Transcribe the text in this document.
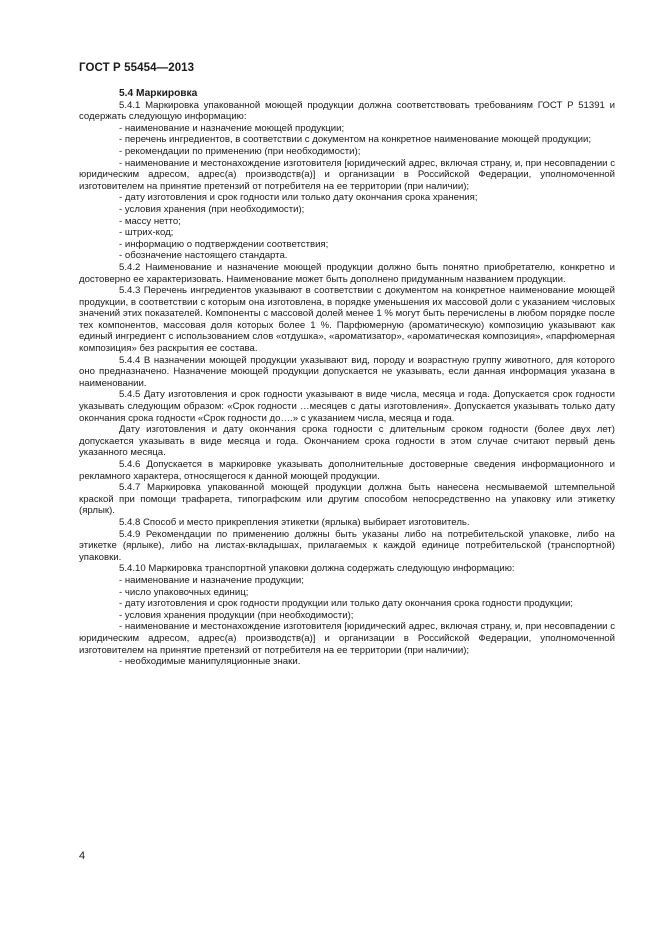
ГОСТ Р 55454—2013

5.4 Маркировка

5.4.1 Маркировка упакованной моющей продукции должна соответствовать требованиям ГОСТ Р 51391 и содержать следующую информацию:

- наименование и назначение моющей продукции;

- перечень ингредиентов, в соответствии с документом на конкретное наименование моющей продукции;

- рекомендации по применению (при необходимости);

- наименование и местонахождение изготовителя [юридический адрес, включая страну, и, при несовпадении с юридическим адресом, адрес(а) производств(а)] и организации в Российской Федерации, уполномоченной изготовителем на принятие претензий от потребителя на ее территории (при наличии);

- дату изготовления и срок годности или только дату окончания срока хранения;

- условия хранения (при необходимости);

- массу нетто;

- штрих-код;

- информацию о подтверждении соответствия;

- обозначение настоящего стандарта.

5.4.2 Наименование и назначение моющей продукции должно быть понятно приобретателю, конкретно и достоверно ее характеризовать. Наименование может быть дополнено придуманным названием продукции.

5.4.3 Перечень ингредиентов указывают в соответствии с документом на конкретное наименование моющей продукции, в соответствии с которым она изготовлена, в порядке уменьшения их массовой доли с указанием числовых значений этих показателей. Компоненты с массовой долей менее 1 % могут быть перечислены в любом порядке после тех компонентов, массовая доля которых более 1 %. Парфюмерную (ароматическую) композицию указывают как единый ингредиент с использованием слов «отдушка», «ароматизатор», «ароматическая композиция», «парфюмерная композиция» без раскрытия ее состава.

5.4.4 В назначении моющей продукции указывают вид, породу и возрастную группу животного, для которого оно предназначено. Назначение моющей продукции допускается не указывать, если данная информация указана в наименовании.

5.4.5 Дату изготовления и срок годности указывают в виде числа, месяца и года. Допускается срок годности указывать следующим образом: «Срок годности …месяцев с даты изготовления». Допускается указывать только дату окончания срока годности «Срок годности до….» с указанием числа, месяца и года.

Дату изготовления и дату окончания срока годности с длительным сроком годности (более двух лет) допускается указывать в виде месяца и года. Окончанием срока годности в этом случае считают первый день указанного месяца.

5.4.6 Допускается в маркировке указывать дополнительные достоверные сведения информационного и рекламного характера, относящегося к данной моющей продукции.

5.4.7 Маркировка упакованной моющей продукции должна быть нанесена несмываемой штемпельной краской при помощи трафарета, типографским или другим способом непосредственно на упаковку или этикетку (ярлык).

5.4.8 Способ и место прикрепления этикетки (ярлыка) выбирает изготовитель.

5.4.9 Рекомендации по применению должны быть указаны либо на потребительской упаковке, либо на этикетке (ярлыке), либо на листах-вкладышах, прилагаемых к каждой единице потребительской (транспортной) упаковки.

5.4.10 Маркировка транспортной упаковки должна содержать следующую информацию:

- наименование и назначение продукции;

- число упаковочных единиц;

- дату изготовления и срок годности продукции или только дату окончания срока годности продукции;

- условия хранения продукции (при необходимости);

- наименование и местонахождение изготовителя [юридический адрес, включая страну, и, при несовпадении с юридическим адресом, адрес(а) производств(а)] и организации в Российской Федерации, уполномоченной изготовителем на принятие претензий от потребителя на ее территории (при наличии);

- необходимые манипуляционные знаки.

4
